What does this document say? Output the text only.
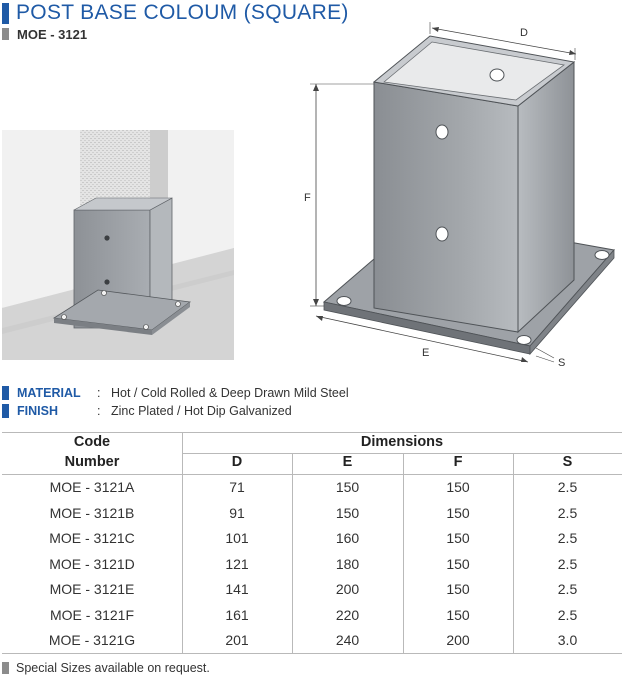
POST BASE COLOUM (SQUARE)
MOE - 3121	D
F
E
S
MATERIAL	: Hot / Cold Rolled & Deep Drawn Mild Steel
FINISH	: Zinc Plated / Hot Dip Galvanized
Code
Number
Dimensions
D	E	F	S
MOE - 3121A	71	150	150	2.5
MOE - 3121B	91	150	150	2.5
MOE - 3121C	101	160	150	2.5
MOE - 3121D	121	180	150	2.5
MOE - 3121E	141	200	150	2.5
MOE - 3121F	161	220	150	2.5
MOE - 3121G	201	240	200	3.0
Special Sizes available on request.
